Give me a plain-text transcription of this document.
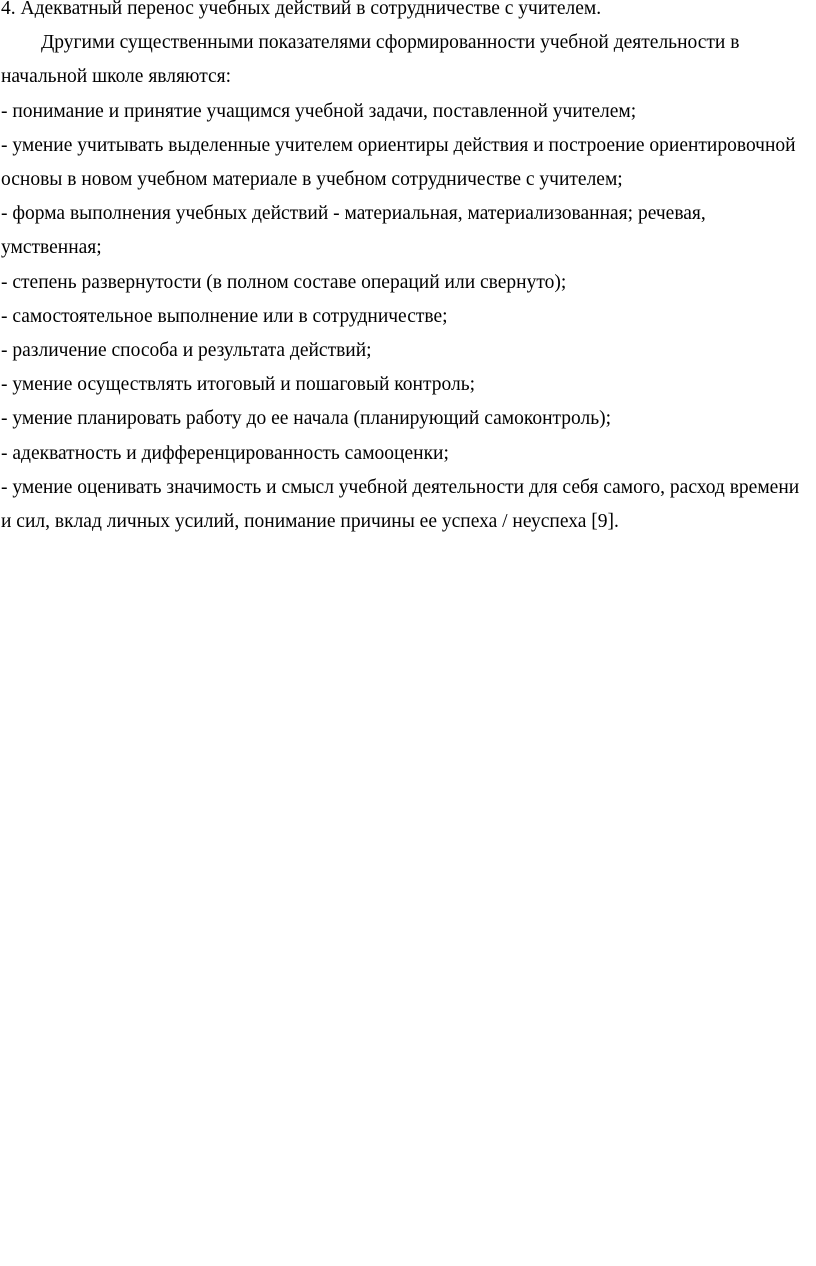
4. Адекватный перенос учебных действий в сотрудничестве с учителем.

Другими существенными показателями сформированности учебной деятельности в начальной школе являются:

- понимание и принятие учащимся учебной задачи, поставленной учителем;

- умение учитывать выделенные учителем ориентиры действия и построение ориентировочной основы в новом учебном материале в учебном сотрудничестве с учителем;

- форма выполнения учебных действий - материальная, материализованная; речевая, умственная;

- степень развернутости (в полном составе операций или свернуто);

- самостоятельное выполнение или в сотрудничестве;

- различение способа и результата действий;

- умение осуществлять итоговый и пошаговый контроль;

- умение планировать работу до ее начала (планирующий самоконтроль);

- адекватность и дифференцированность самооценки;

- умение оценивать значимость и смысл учебной деятельности для себя самого, расход времени и сил, вклад личных усилий, понимание причины ее успеха / неуспеха [9].
